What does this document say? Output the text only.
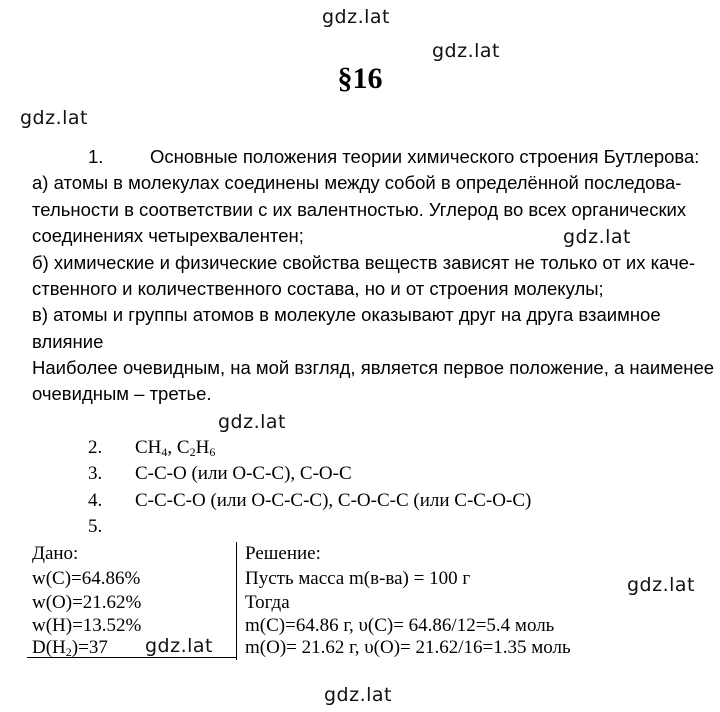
gdz.lat
gdz.lat
gdz.lat
gdz.lat
gdz.lat
gdz.lat
gdz.lat
gdz.lat
§16
1.	Основные положения теории химического строения Бутлерова:
а) атомы в молекулах соединены между собой в определённой последова-
тельности в соответствии с их валентностью. Углерод во всех органических
соединениях четырехвалентен;
б) химические и физические свойства веществ зависят не только от их каче-
ственного и количественного состава, но и от строения молекулы;
в) атомы и группы атомов в молекуле оказывают друг на друга взаимное
влияние
Наиболее очевидным, на мой взгляд, является первое положение, а наименее
очевидным – третье.
2. $CH_4$, $C_2H_6$
3. C-C-O (или O-C-C), C-O-C
4. C-C-C-O (или O-C-C-C), C-O-C-C (или C-C-O-C)
5.
Дано:
w(C)=64.86%
w(O)=21.62%
w(H)=13.52%
$D(H_2)=37$
Решение:
Пусть масса m(в-ва) = 100 г
Тогда
m(C)=64.86 г, υ(C)= 64.86/12=5.4 моль
m(O)= 21.62 г, υ(O)= 21.62/16=1.35 моль
